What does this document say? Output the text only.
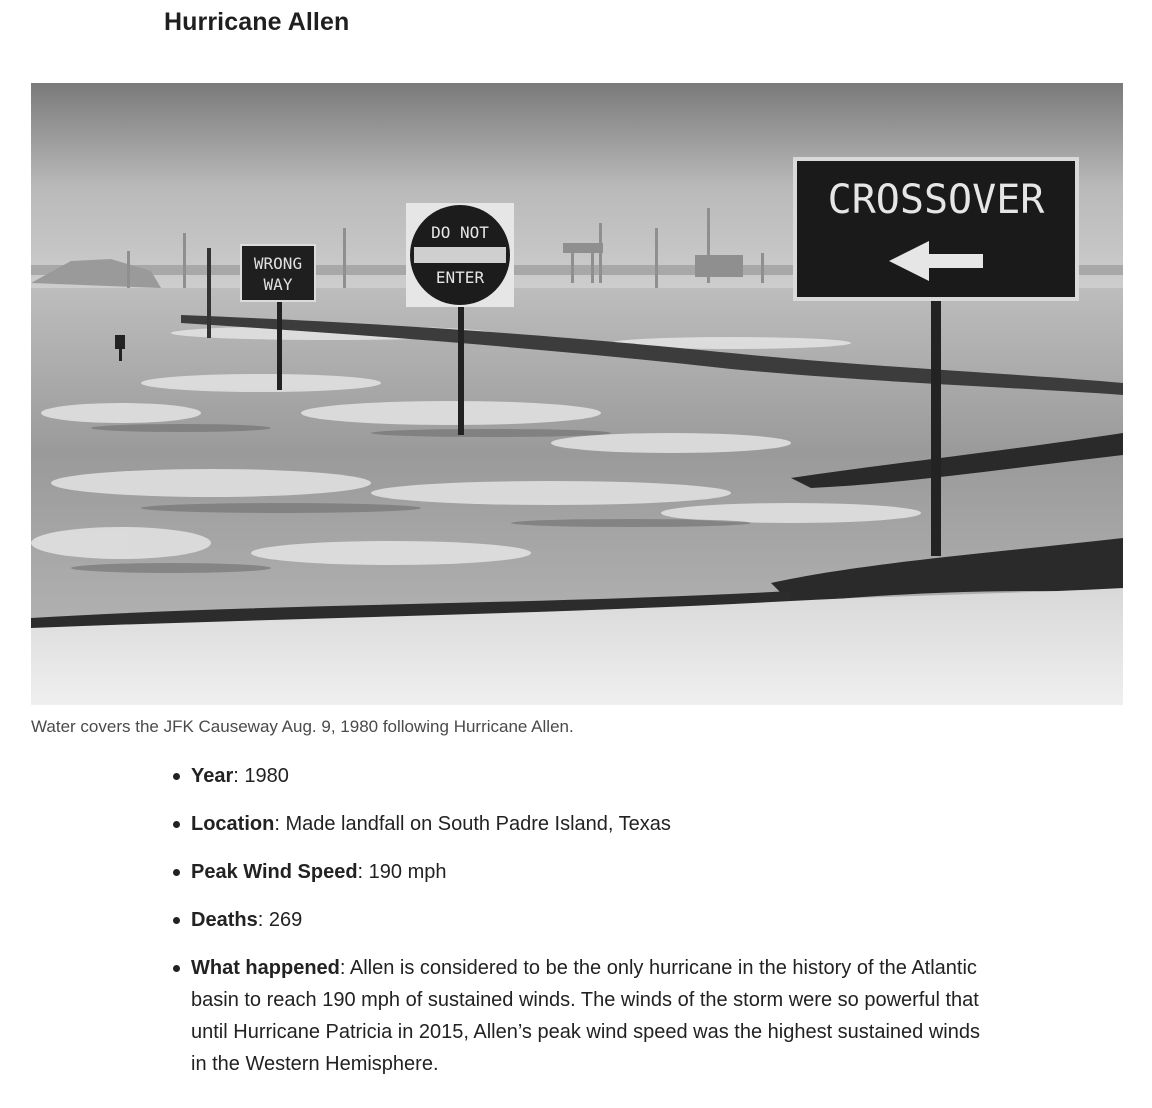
Hurricane Allen
WRONG
WAY
DO NOT
ENTER
CROSSOVER

Water covers the JFK Causeway Aug. 9, 1980 following Hurricane Allen.

Year: 1980
Location: Made landfall on South Padre Island, Texas
Peak Wind Speed: 190 mph
Deaths: 269
What happened: Allen is considered to be the only hurricane in the history of the Atlantic basin to reach 190 mph of sustained winds. The winds of the storm were so powerful that until Hurricane Patricia in 2015, Allen’s peak wind speed was the highest sustained winds in the Western Hemisphere.
